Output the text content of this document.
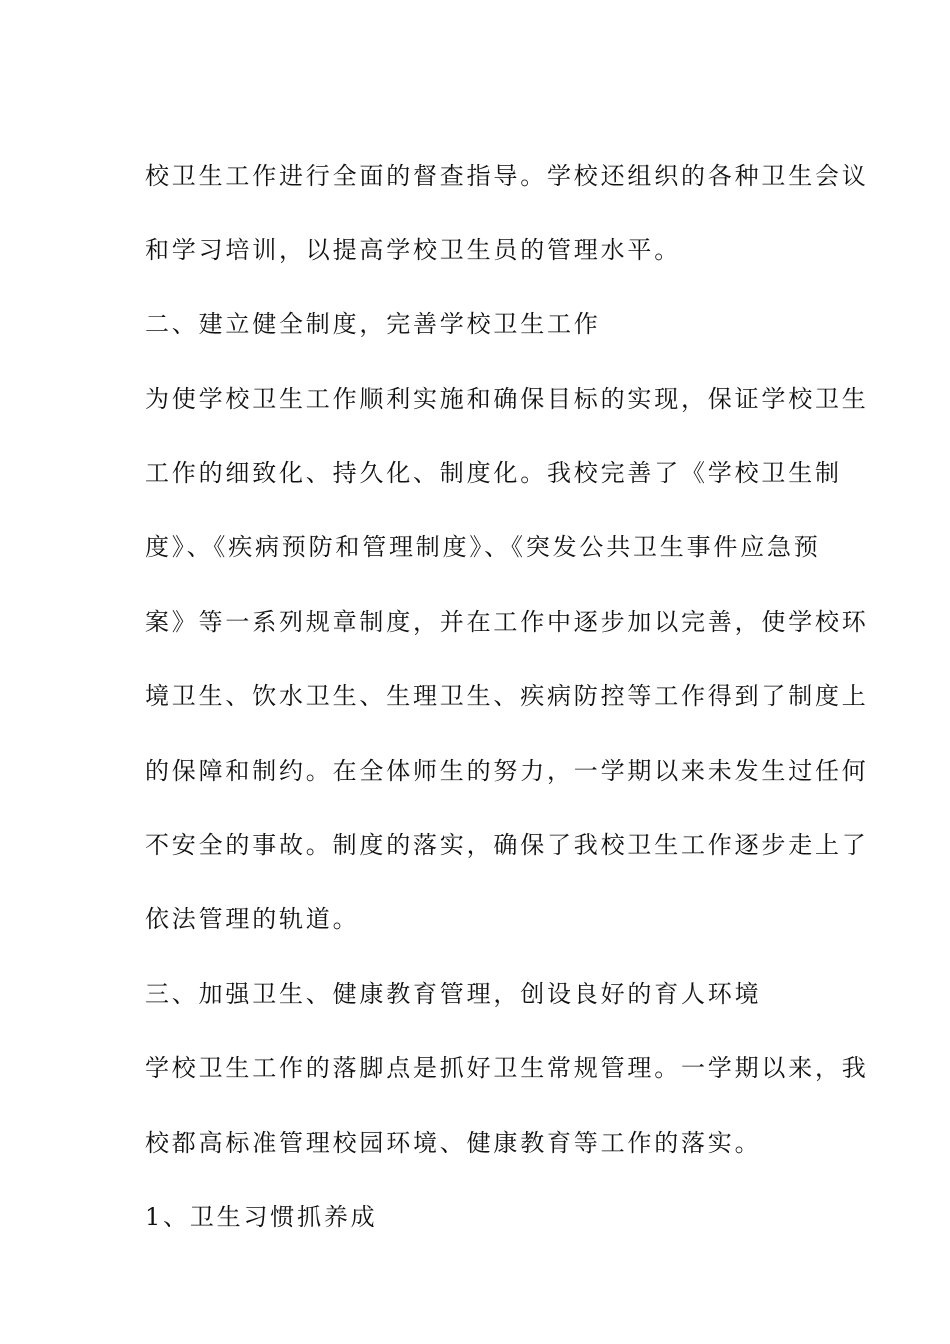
校卫生工作进行全面的督查指导。学校还组织的各种卫生会议

和学习培训，以提高学校卫生员的管理水平。

二、建立健全制度，完善学校卫生工作

为使学校卫生工作顺利实施和确保目标的实现，保证学校卫生

工作的细致化、持久化、制度化。我校完善了《学校卫生制

度》、《疾病预防和管理制度》、《突发公共卫生事件应急预

案》等一系列规章制度，并在工作中逐步加以完善，使学校环

境卫生、饮水卫生、生理卫生、疾病防控等工作得到了制度上

的保障和制约。在全体师生的努力，一学期以来未发生过任何

不安全的事故。制度的落实，确保了我校卫生工作逐步走上了

依法管理的轨道。

三、加强卫生、健康教育管理，创设良好的育人环境

学校卫生工作的落脚点是抓好卫生常规管理。一学期以来，我

校都高标准管理校园环境、健康教育等工作的落实。

1、卫生习惯抓养成
